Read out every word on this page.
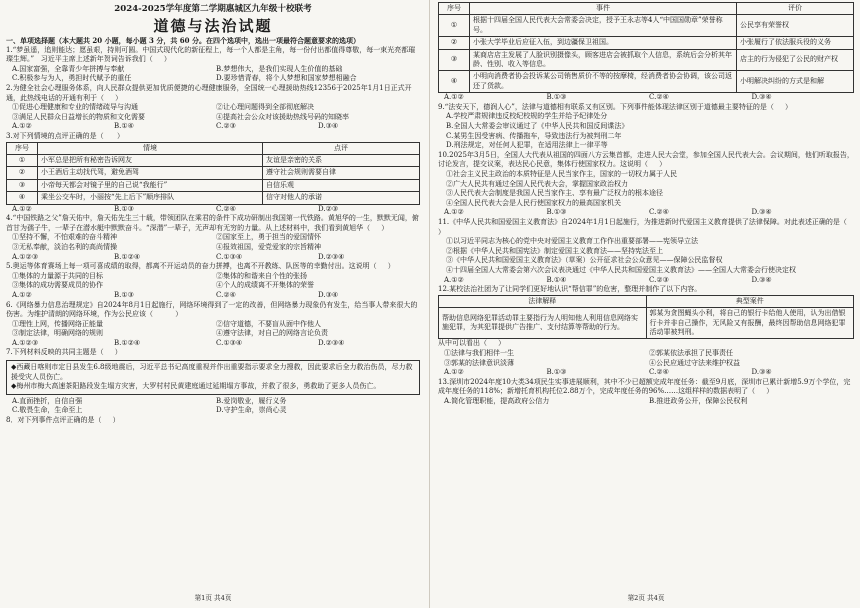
2024-2025学年度第二学期惠城区九年级十校联考
道德与法治试题

一、单项选择题（本大题共 20 小题，每小题 3 分，共 60 分。在四个选项中，选出一项最符合题意要求的选项）

1.“梦虽遥，追则能达；愿虽艰，持则可圆。中国式现代化的新征程上，每一个人都是主角，每一份付出都值得尊敬，每一束光亮都璀璨生辉。”   习近平主席上述新年贺词告诉我们（     ）

A.国家富强，全靠青少年拼搏与奉献	B.梦想伟大，是我们实现人生价值的基础
C.积极参与为人，勇担时代赋予的重任	D.要珍惜青春，将个人梦想和国家梦想相融合

2.为健全社会心理服务体系，向人民群众提供更加优质便捷的心理健康服务，全国统一心理援助热线12356于2025年1月1日正式开通，此热线电话的开通有利于（     ）

①促进心理健康和专业的情绪疏导与沟通	②让心理问题得到全部彻底解决
③满足人民群众日益增长的物质和文化需要	④提高社会公众对该援助热线号码的知晓率
A.①②	B.①④	C.②③	D.③④

3.对下列情境的点评正确的是（      ）

序号	情境	点评
①	小军总是把所有秘密告诉网友	友谊是亲密的关系
②	小王酒后主动找代驾，避免酒驾	遵守社会规则需要自律
③	小帝每天都会对镜子里的自己说“我能行”	自信乐观
④	乘坐公交车时，小丽按“先上后下”顺序排队	信守对他人的承诺
A.①②	B.①③	C.②④	D.②③

4.“中国铁路之父”詹天佑中，詹天佑先生三十载，带领团队在乘君的条件下成功研制出我国第一代铁路。黄旭华的一生，默默无闻，俯首甘为孺子牛，一辈子在潜水艇中默默奋斗。“深潜”一辈子，无声却有无穷的力量。从上述材料中，我们看到黄旭华（     ）

①坚持不懈，不怕艰难的奋斗精神	②国家至上，勇于担当的爱国情怀
③无私奉献，淡泊名利的高尚情操	④报效祖国，爱党爱家的宗旨精神
A.①②③	B.①②④	C.①③④	D.②③④

5.奥运等体育赛场上每一项可喜成绩的取得，都离不开运动员的奋力拼搏，也离不开教练、队医等的幸勤付出。这说明（     ）

①集体的力量源于共同的目标	②集体的和谐来自个性的张扬
③集体的成功需要成员的协作	④个人的成绩离不开集体的荣誉
A.①②	B.①③	C.②④	D.③④

6.《网络暴力信息治理规定》自2024年8月1日起施行，网络环境得到了一定的改善，但网络暴力现象仍有发生，给当事人带来很大的伤害。为维护清朗的网络环境，作为公民应该（          ）

①理性上网，传播网络正能量	②信守道德，不要盲从面中作他人
③制定法律，明确网络的规则	④遵守法律，对自己的网络言论负责
A.①②③	B.①②④	C.①③④	D.②③④

7.下列材料反映的共同主题是（     ）

◆西藏日喀则市定日县发生6.8级地震后，习近平总书记高度重视并作出重要指示要求全力搜救，因此要求后全力救治伤员，尽力救援受灾人员伤亡。

◆梅州市梅大高速茶阳路段发生塌方灾害，大罗村村民黄建庭通过延期塌方事故，并救了很多，勇救助了更多人员伤亡。

A.直面挫折，自信自强	B.爱岗敬业，履行义务
C.敬畏生命，生命至上	D.守护生命，崇尚心灵

8．对下列事件点评正确的是（     ）

第1页 共4页
序号	事件	评价
①	根据十四届全国人民代表大会常委会决定，授予王永志等4人“中国国勋章”荣誉称号。	公民享有荣誉权
②	小张大学毕业后应征入伍，到边疆保卫祖国。	小张履行了依法服兵役的义务
③	某商店店主发展了人脸识别摄像头，顾客进店会被抓取个人信息，系统后会分析其年龄、性别、收入等信息。	店主的行为侵犯了公民的财产权
④	小明向消费者协会投诉某公司销售质价不等的按摩椅，经消费者协会协调，该公司返还了货款。	小明解决纠纷的方式是和解
A.①②	B.①③	C.②④	D.③④

9.“法安天下，德润人心”，法律与道德相有联系又有区别。下列事件能体现法律区别于道德最主要特征的是（     ）

A.学校严肃规律违反校纪校规的学生并给予纪律处分

B.全国人大常委会审议通过了《中华人民共和国反间谍法》

C.某男生因受害病、传播拖车，导致违法行为被判刑二年

D.刑法规定，对任何人犯罪，在适用法律上一律平等

10.2025年3月5日，全国人大代表从祖国的四面八方云集首都，走进人民大会堂，参加全国人民代表大会。会议期间，他们听取报告，讨论发言，提交议案，表达民心民意，集体行使国家权力。这说明（     ）

①社会主义民主政治的本质特征是人民当家作主，国家的一切权力属于人民

②广大人民共有通过全国人民代表大会，掌握国家政治权力

③人民代表大会制度是我国人民当家作主、享有最广泛权力的根本途径

④全国人民代表大会是人民行使国家权力的最高国家机关

A.①②	B.①③	C.②④	D.③④

11.《中华人民共和国爱国主义教育法》自2024年1月1日起施行，为推进新时代爱国主义教育提供了法律保障。对此表述正确的是（     ）

①以习近平同志为核心的党中央对爱国主义教育工作作出重要部署——宪领导立法

②根据《中华人民共和国宪法》制定爱国主义教育法——坚持宪法至上

③《中华人民共和国爱国主义教育法》（草案）公开征求社会公众意见——保障公民监督权

④十四届全国人大常委会第六次会议表决通过《中华人民共和国爱国主义教育法》——全国人大常委会行使决定权

A.①②	B.①④	C.②③	D.③④

12.某校法治社团为了让同学们更好地认识“帮信罪”的危害，整理并制作了以下内容。

法律解释	典型案件
帮助信息网络犯罪活动罪主要指行为人明知他人利用信息网络实施犯罪，为其犯罪提供广告推广、支付结算等帮助的行为。	郭某为贪图蝇头小利，将自己的银行卡给他人使用，认为出借银行卡并非自己操作，无风险又有报酬，最终因帮助信息网络犯罪活动罪被判刑。

从中可以看出（     ）

①法律与我们相伴一生	②郭某依法承担了民事责任
③郭某的法律意识淡薄	④公民应通过守法来维护权益
A.①②	B.①③	C.②④	D.③④

13.深圳市2024年度10大类34项民生实事进展顺利，其中不少已超额完成年度任务：截至9月底，深圳市已累计新增5.9万个学位，完成年度任务的118%；新增托育机构托位2.88万个，完成年度任务的96%……这组样样的数据表明了（     ）

A.简化管理职能，提高政府公信力	B.推进政务公开，保障公民权利
第2页 共4页
